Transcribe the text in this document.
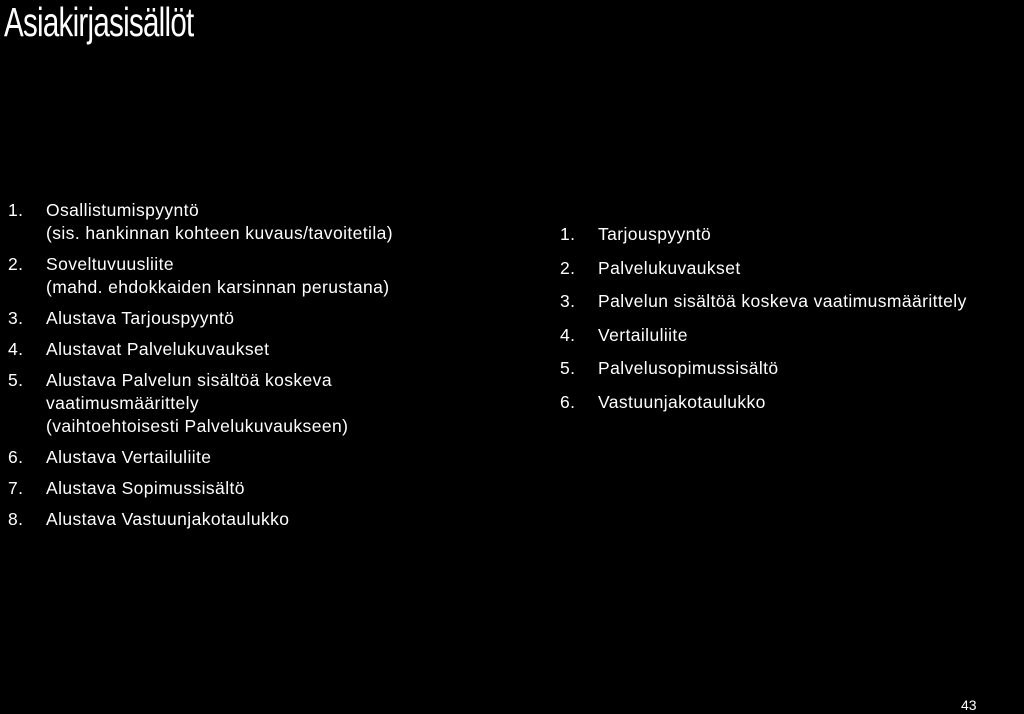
Asiakirjasisällöt
1. Osallistumispyyntö
(sis. hankinnan kohteen kuvaus/tavoitetila)
2. Soveltuvuusliite
(mahd. ehdokkaiden karsinnan perustana)
3. Alustava Tarjouspyyntö
4. Alustavat Palvelukuvaukset
5. Alustava Palvelun sisältöä koskeva
vaatimusmäärittely
(vaihtoehtoisesti Palvelukuvaukseen)
6. Alustava Vertailuliite
7. Alustava Sopimussisältö
8. Alustava Vastuunjakotaulukko
1. Tarjouspyyntö
2. Palvelukuvaukset
3. Palvelun sisältöä koskeva vaatimusmäärittely
4. Vertailuliite
5. Palvelusopimussisältö
6. Vastuunjakotaulukko
43
